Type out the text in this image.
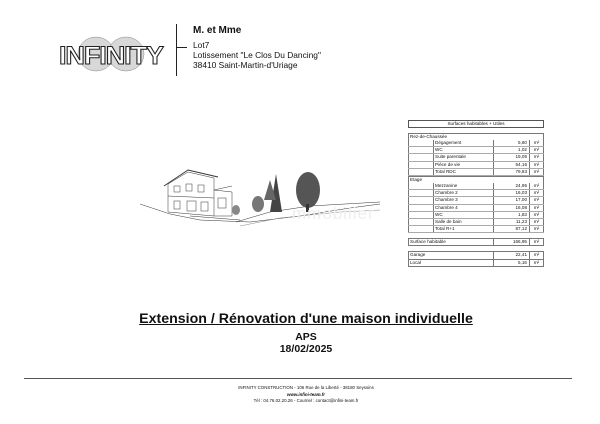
INFINITY
M. et Mme
Lot7
Lotissement "Le Clos Du Dancing"
38410 Saint-Martin-d'Uriage
mmobilier
Surfaces habitables + Utiles
Rez-de-Chaussée
Dégagement	5,60	m²
WC	1,02	m²
Suite parentale	19,05	m²
Pièce de vie	54,16	m²
Total RDC	79,83	m²
Etage
Mezzanine	24,95	m²
Chambre 2	16,03	m²
Chambre 3	17,00	m²
Chambre 4	16,08	m²
WC	1,83	m²
Salle de bain	11,23	m²
Total R+1	87,12	m²
Surface habitable	166,95	m²
Garage	22,41	m²
Local	5,16	m²
Extension / Rénovation d'une maison individuelle
APS
18/02/2025
INFINITY CONSTRUCTION - 106 Rue de la Liberté - 38180 Seyssins
www.infini-team.fr
Tél : 04.76.02.20.26 - Courriel : contact@infini-team.fr
